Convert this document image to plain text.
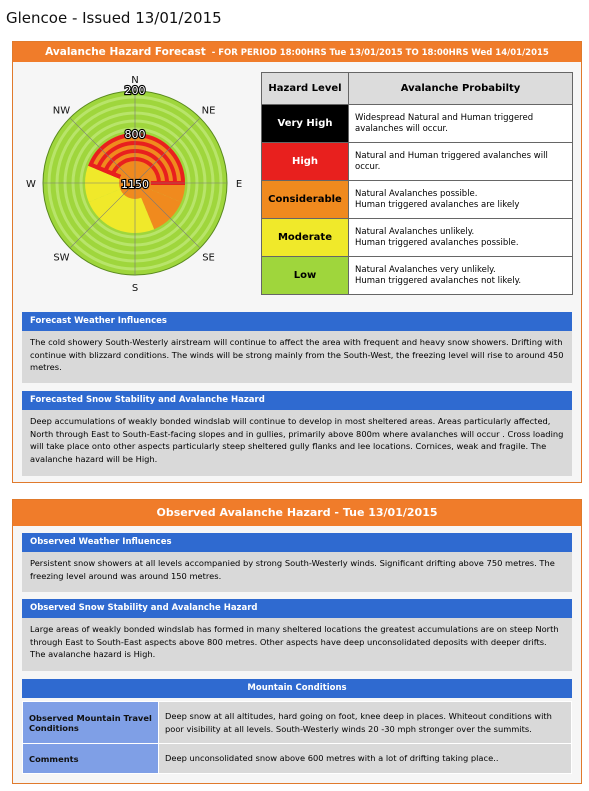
Glencoe - Issued 13/01/2015
Avalanche Hazard Forecast - FOR PERIOD 18:00HRS Tue 13/01/2015 TO 18:00HRS Wed 14/01/2015
N
NE
E
SE
S
SW
W
NW
200
800
1150
Hazard Level	Avalanche Probabilty
Very High	Widespread Natural and Human triggered
avalanches will occur.

High	Natural and Human triggered avalanches will
occur.

Considerable	Natural Avalanches possible.
Human triggered avalanches are likely

Moderate	Natural Avalanches unlikely.
Human triggered avalanches possible.

Low	Natural Avalanches very unlikely.
Human triggered avalanches not likely.
Forecast Weather Influences
The cold showery South-Westerly airstream will continue to affect the area with frequent and heavy snow showers. Drifting with continue with blizzard conditions. The winds will be strong mainly from the South-West, the freezing level will rise to around 450 metres.
Forecasted Snow Stability and Avalanche Hazard
Deep accumulations of weakly bonded windslab will continue to develop in most sheltered areas. Areas particularly affected, North through East to South-East-facing slopes and in gullies, primarily above 800m where avalanches will occur . Cross loading will take place onto other aspects particularly steep sheltered gully flanks and lee locations. Cornices, weak and fragile. The avalanche hazard will be High.
Observed Avalanche Hazard - Tue 13/01/2015
Observed Weather Influences
Persistent snow showers at all levels accompanied by strong South-Westerly winds. Significant drifting above 750 metres. The freezing level around was around 150 metres.
Observed Snow Stability and Avalanche Hazard
Large areas of weakly bonded windslab has formed in many sheltered locations the greatest accumulations are on steep North through East to South-East aspects above 800 metres. Other aspects have deep unconsolidated deposits with deeper drifts. The avalanche hazard is High.
Mountain Conditions
Observed Mountain Travel Conditions	Deep snow at all altitudes, hard going on foot, knee deep in places. Whiteout conditions with poor visibility at all levels. South-Westerly winds 20 -30 mph stronger over the summits.
Comments	Deep unconsolidated snow above 600 metres with a lot of drifting taking place..
